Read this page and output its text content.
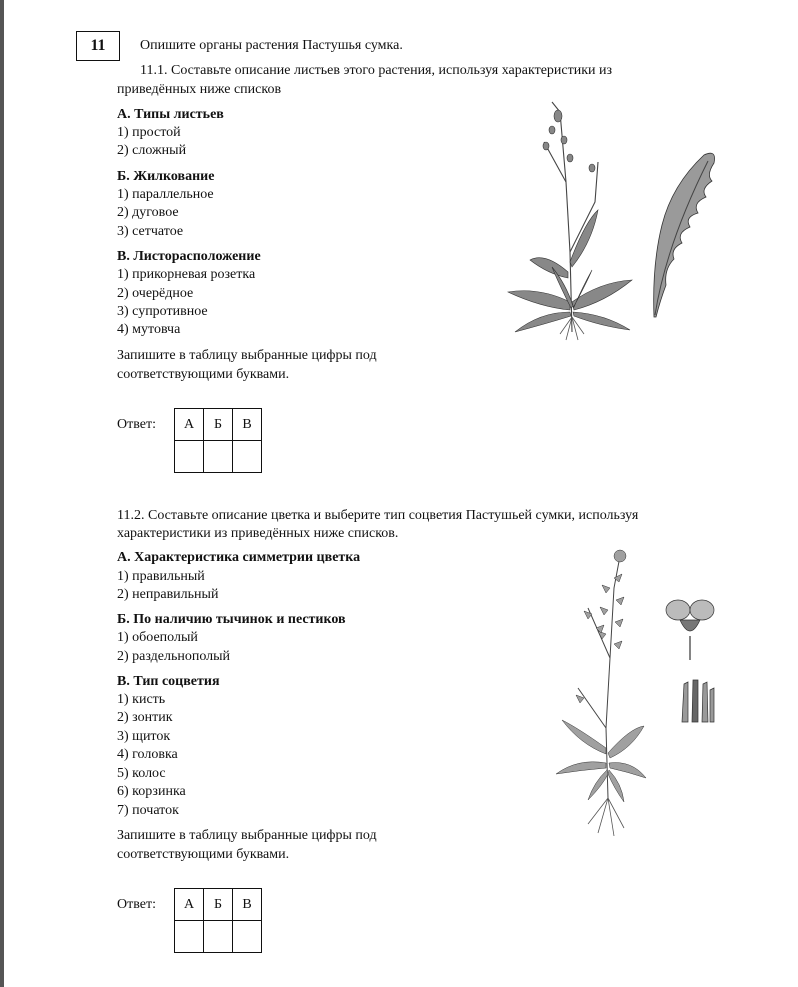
11	Опишите органы растения Пастушья сумка.
11.1. Составьте описание листьев этого растения, используя характеристики из
приведённых ниже списков
А. Типы листьев
1) простой
2) сложный
Б. Жилкование
1) параллельное
2) дуговое
3) сетчатое
В. Листорасположение
1) прикорневая розетка
2) очерёдное
3) супротивное
4) мутовча
Запишите в таблицу выбранные цифры под
соответствующими буквами.
Ответ: А	Б	В

11.2. Составьте описание цветка и выберите тип соцветия Пастушьей сумки, используя
характеристики из приведённых ниже списков.
А. Характеристика симметрии цветка
1) правильный
2) неправильный
Б. По наличию тычинок и пестиков
1) обоеполый
2) раздельнополый
В. Тип соцветия
1) кисть
2) зонтик
3) щиток
4) головка
5) колос
6) корзинка
7) початок
Запишите в таблицу выбранные цифры под
соответствующими буквами.
Ответ: А	Б	В
